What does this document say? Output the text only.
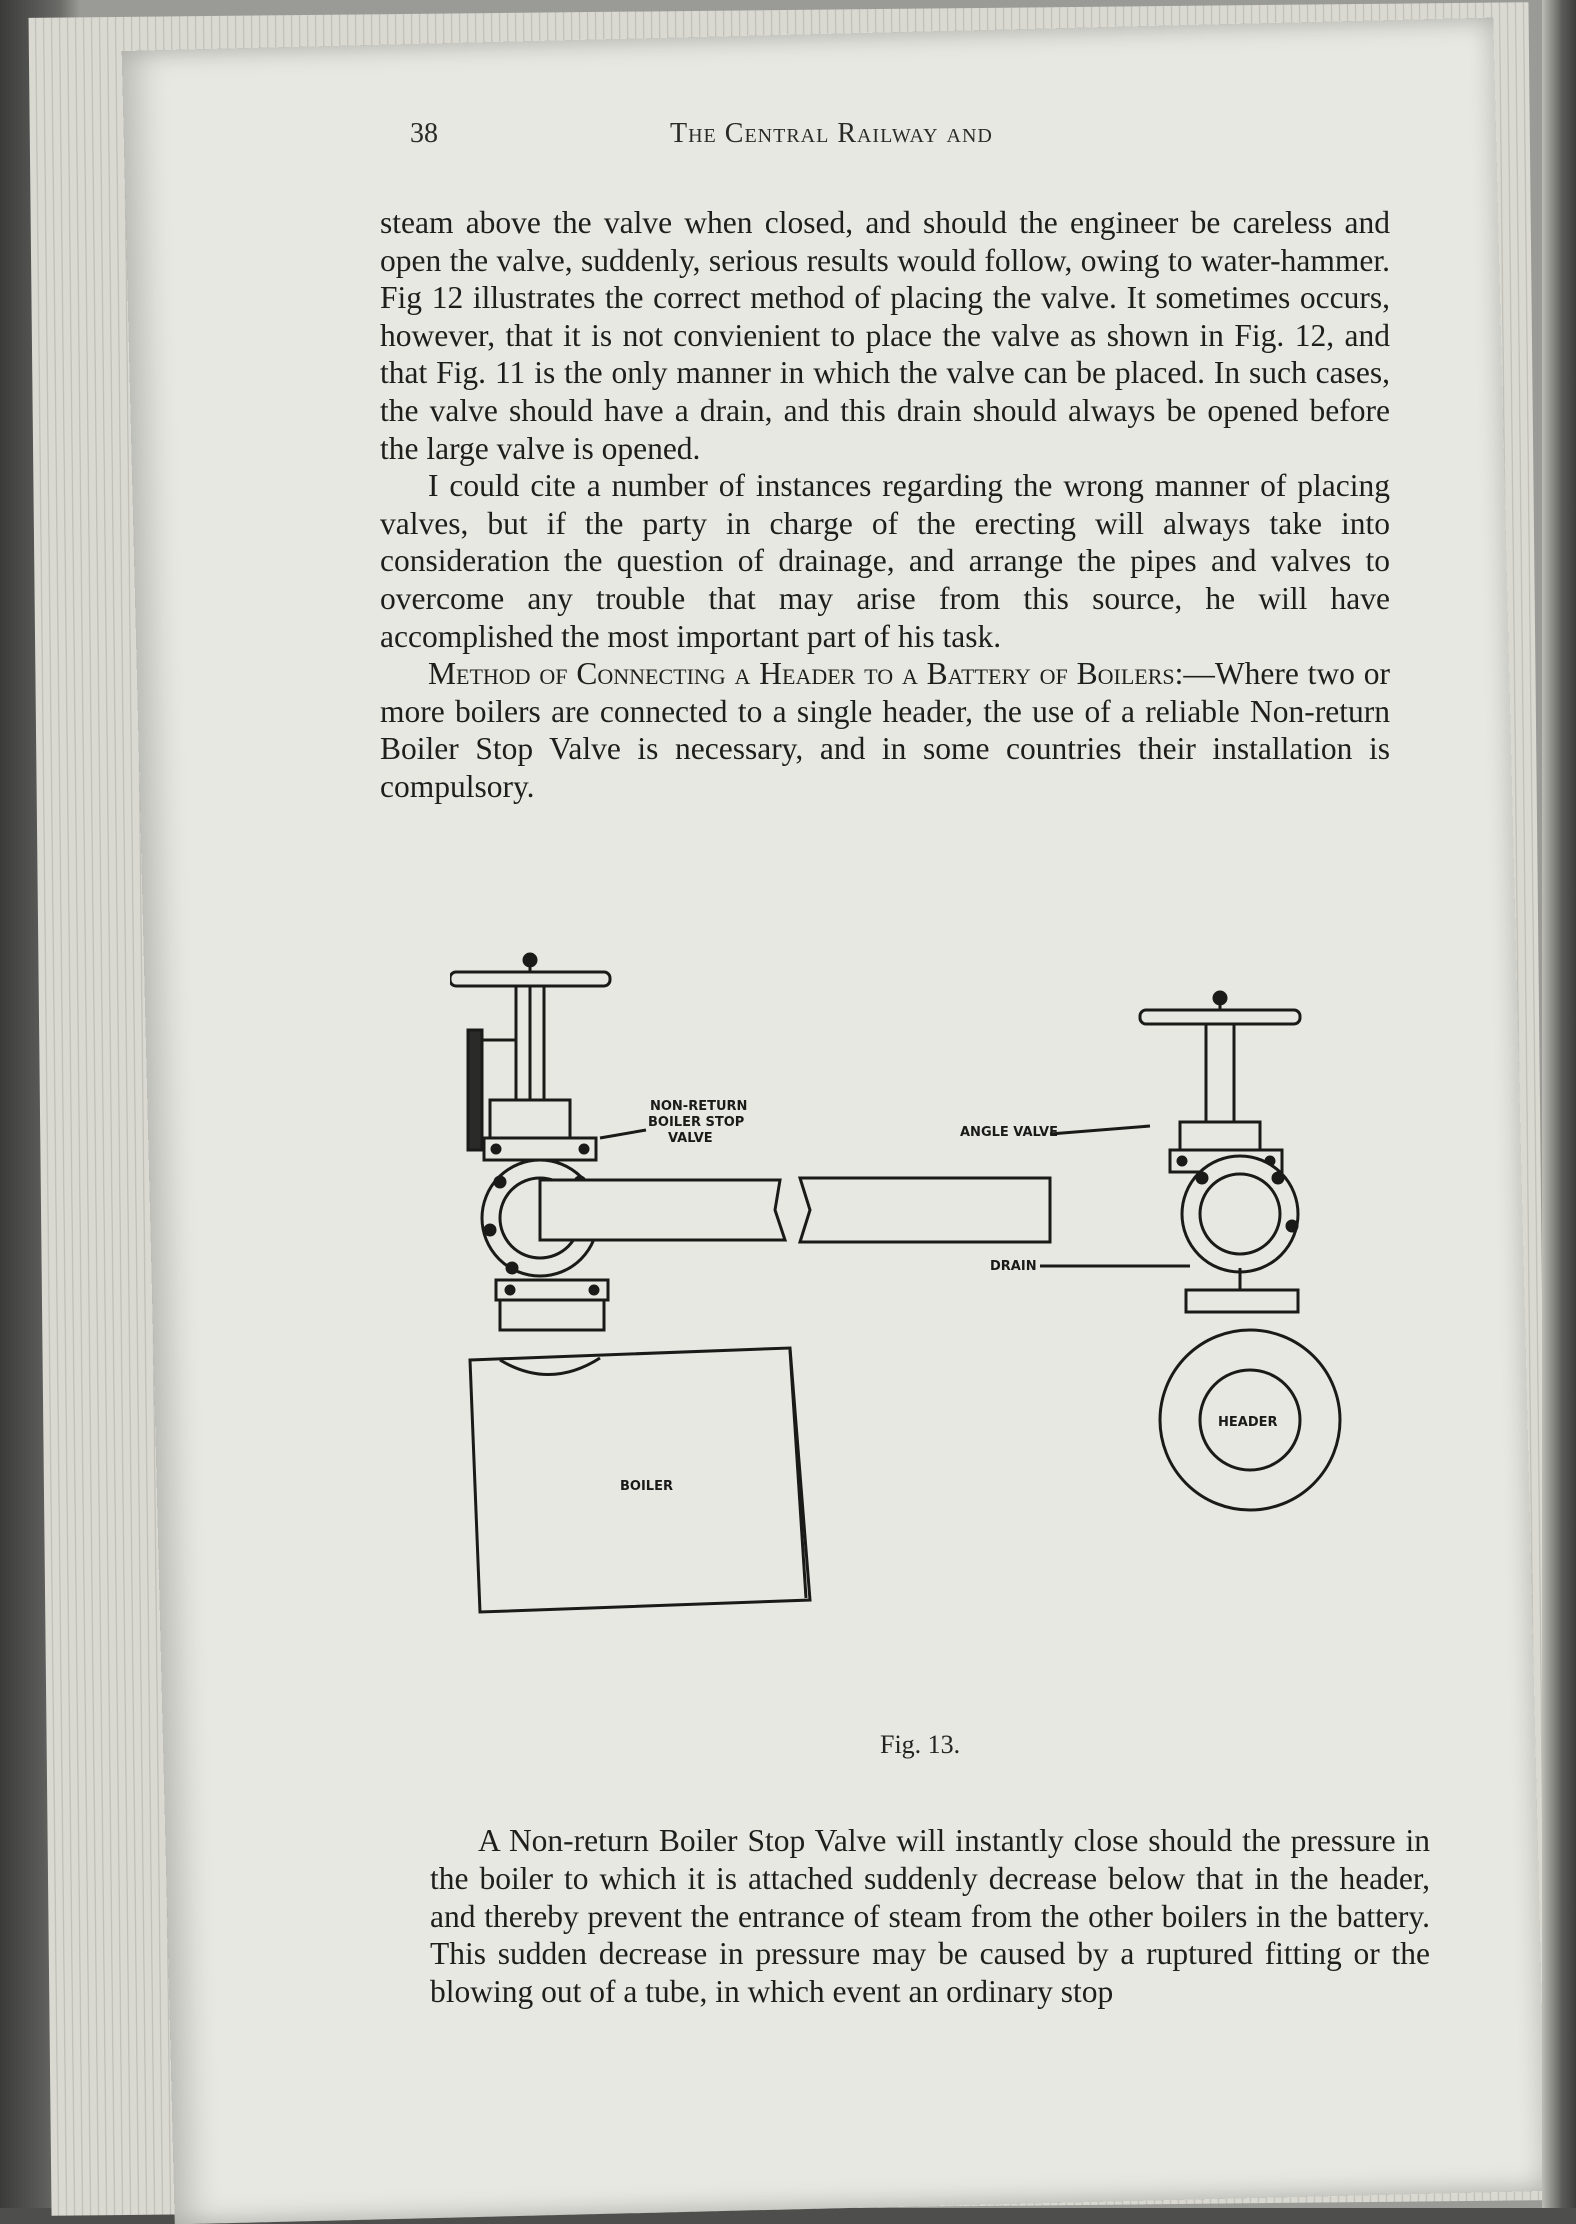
38	The Central Railway and

steam above the valve when closed, and should the engineer be careless and open the valve, suddenly, serious results would follow, owing to water-hammer. Fig 12 illustrates the correct method of placing the valve. It sometimes occurs, however, that it is not convienient to place the valve as shown in Fig. 12, and that Fig. 11 is the only manner in which the valve can be placed. In such cases, the valve should have a drain, and this drain should always be opened before the large valve is opened.

I could cite a number of instances regarding the wrong manner of placing valves, but if the party in charge of the erecting will always take into consideration the question of drainage, and arrange the pipes and valves to overcome any trouble that may arise from this source, he will have accomplished the most important part of his task.

Method of Connecting a Header to a Battery of Boilers:—Where two or more boilers are connected to a single header, the use of a reliable Non-return Boiler Stop Valve is necessary, and in some countries their installation is compulsory.

NON-RETURN
BOILER STOP
VALVE	ANGLE VALVE
DRAIN
HEADER
BOILER
Fig. 13.

A Non-return Boiler Stop Valve will instantly close should the pressure in the boiler to which it is attached suddenly decrease below that in the header, and thereby prevent the entrance of steam from the other boilers in the battery. This sudden decrease in pressure may be caused by a ruptured fitting or the blowing out of a tube, in which event an ordinary stop
